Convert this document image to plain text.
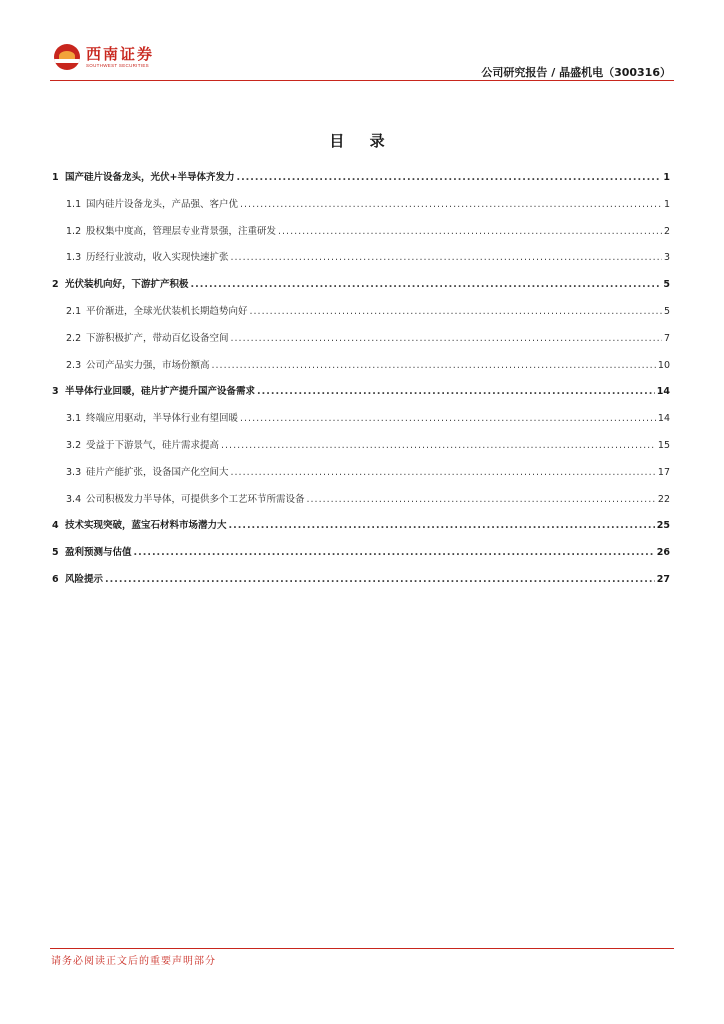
西南证券
SOUTHWEST SECURITIES
公司研究报告 / 晶盛机电（300316）
目 录
1 国产硅片设备龙头，光伏+半导体齐发力 .....	1
1.1 国内硅片设备龙头，产品强、客户优 .....	1
1.2 股权集中度高，管理层专业背景强，注重研发 .....	2
1.3 历经行业波动，收入实现快速扩张 .....	3
2 光伏装机向好，下游扩产积极 .....	5
2.1 平价渐进，全球光伏装机长期趋势向好 .....	5
2.2 下游积极扩产，带动百亿设备空间 .....	7
2.3 公司产品实力强，市场份额高 .....	10
3 半导体行业回暖，硅片扩产提升国产设备需求 .....	14
3.1 终端应用驱动，半导体行业有望回暖 .....	14
3.2 受益于下游景气，硅片需求提高 .....	15
3.3 硅片产能扩张，设备国产化空间大 .....	17
3.4 公司积极发力半导体，可提供多个工艺环节所需设备 .....	22
4 技术实现突破，蓝宝石材料市场潜力大 .....	25
5 盈利预测与估值 .....	26
6 风险提示 .....	27
请务必阅读正文后的重要声明部分
